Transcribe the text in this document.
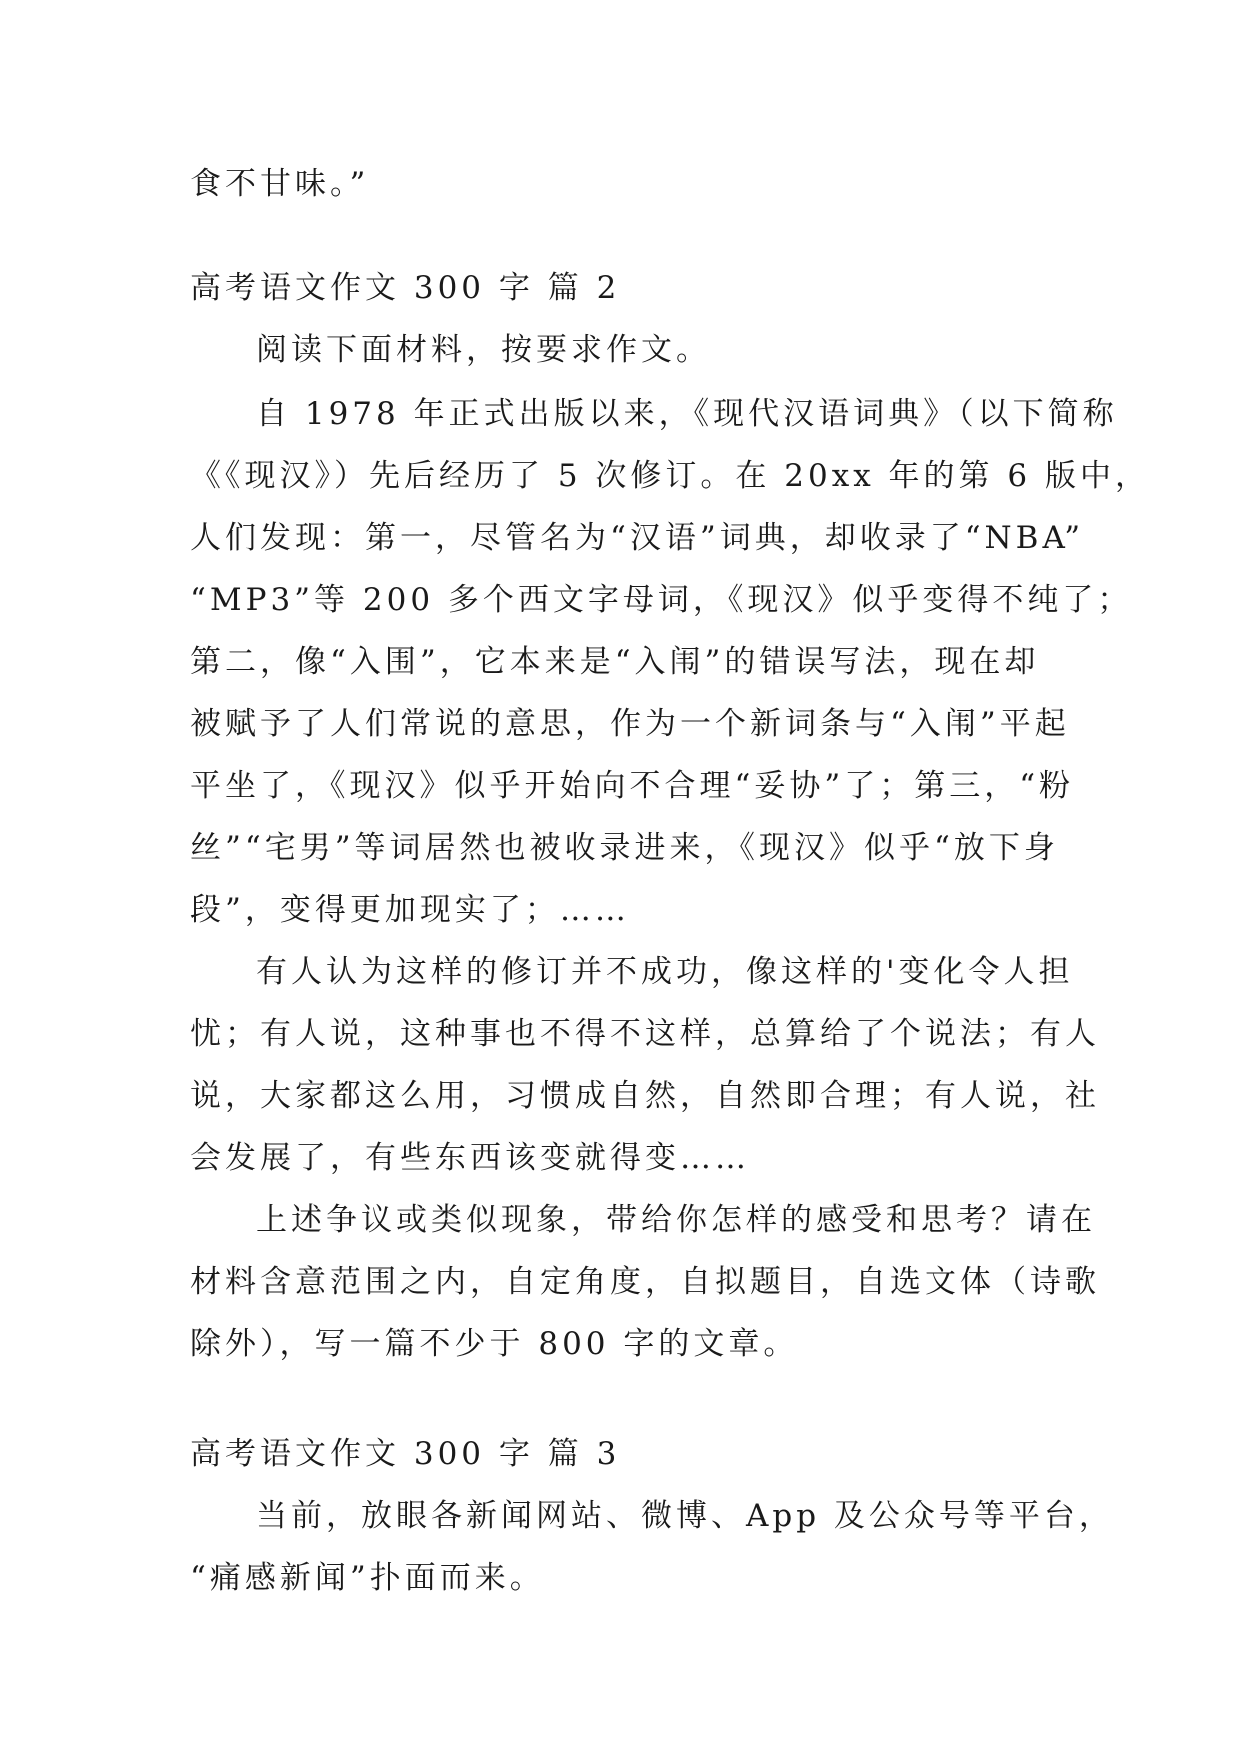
食不甘味。”
高考语文作文 300 字 篇 2
阅读下面材料，按要求作文。
自 1978 年正式出版以来，《现代汉语词典》（以下简称
《《现汉》）先后经历了 5 次修订。在 20xx 年的第 6 版中，
人们发现：第一，尽管名为“汉语”词典，却收录了“NBA”
“MP3”等 200 多个西文字母词，《现汉》似乎变得不纯了；
第二，像“入围”，它本来是“入闱”的错误写法，现在却
被赋予了人们常说的意思，作为一个新词条与“入闱”平起
平坐了，《现汉》似乎开始向不合理“妥协”了；第三，“粉
丝”“宅男”等词居然也被收录进来，《现汉》似乎“放下身
段”，变得更加现实了；……
有人认为这样的修订并不成功，像这样的'变化令人担
忧；有人说，这种事也不得不这样，总算给了个说法；有人
说，大家都这么用，习惯成自然，自然即合理；有人说，社
会发展了，有些东西该变就得变……
上述争议或类似现象，带给你怎样的感受和思考？请在
材料含意范围之内，自定角度，自拟题目，自选文体（诗歌
除外），写一篇不少于 800 字的文章。
高考语文作文 300 字 篇 3
当前，放眼各新闻网站、微博、App 及公众号等平台，
“痛感新闻”扑面而来。
